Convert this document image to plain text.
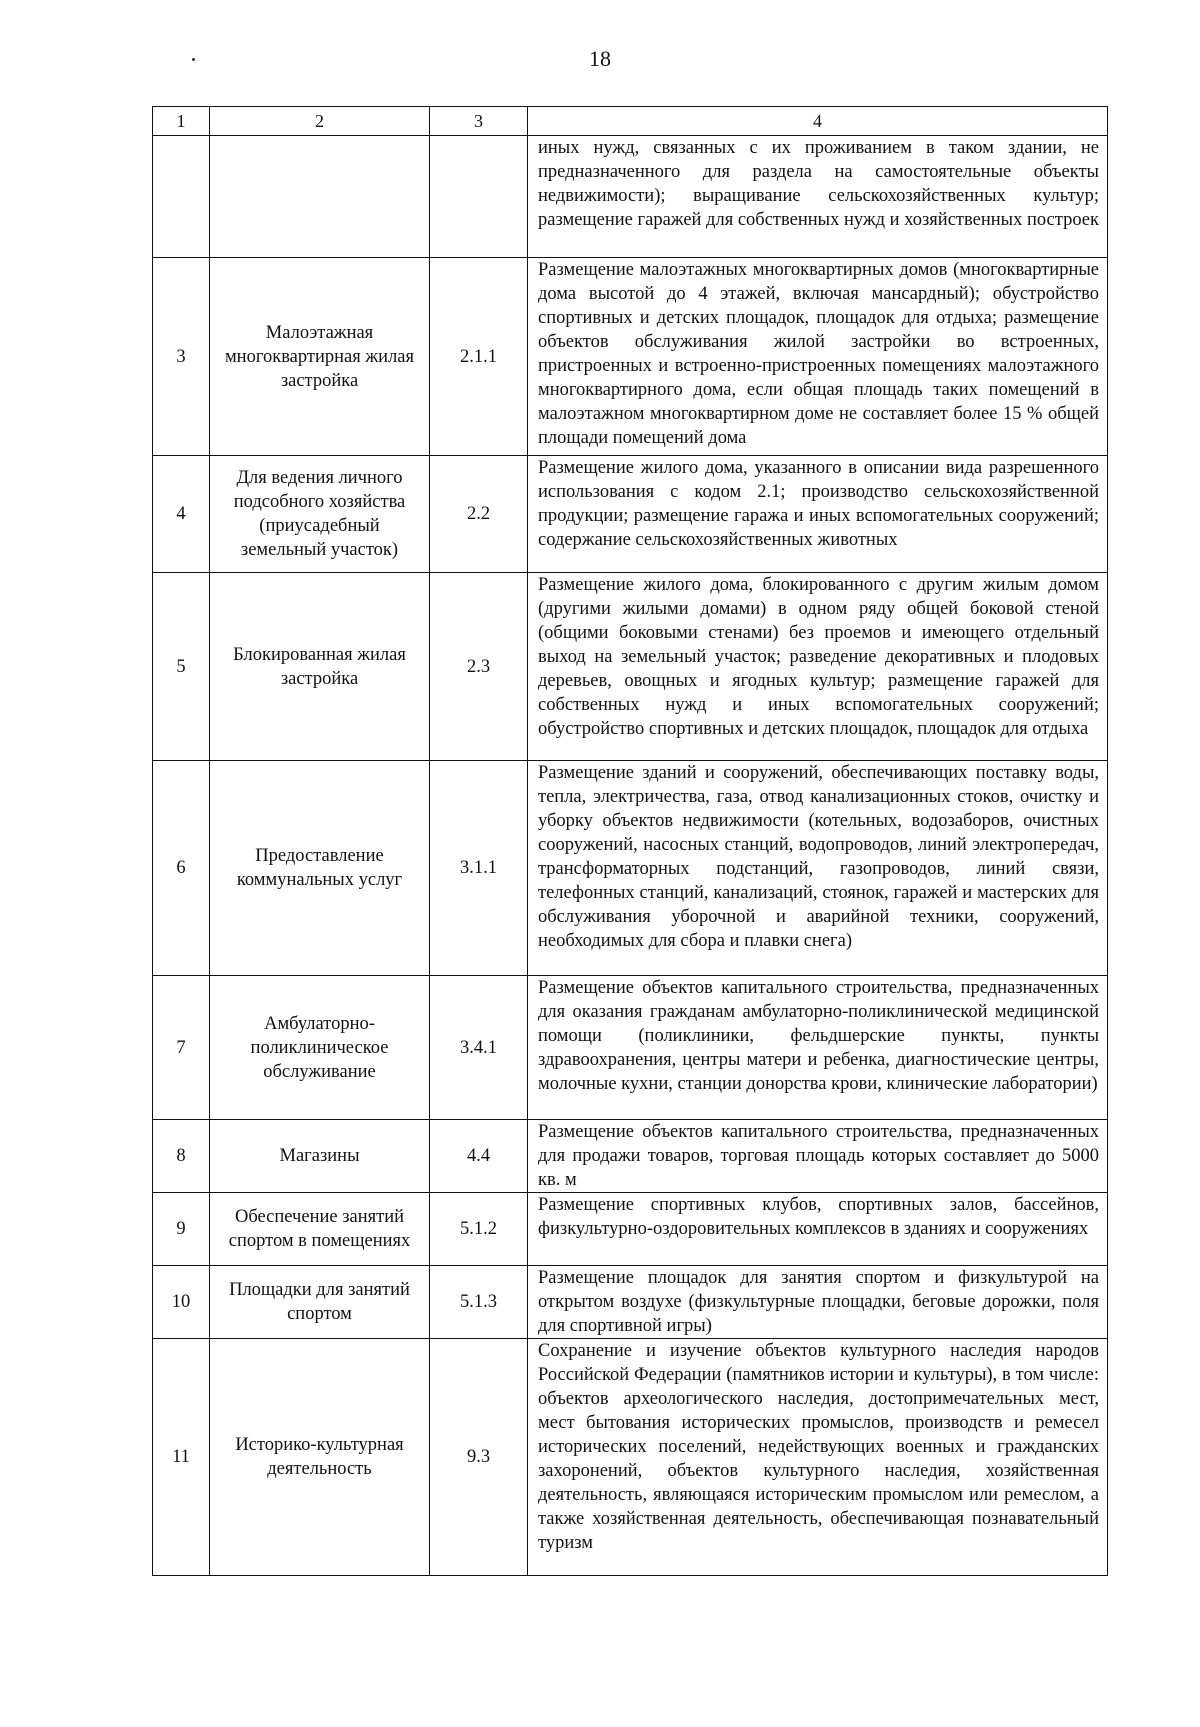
18
1	2	3	4
			иных нужд, связанных с их проживанием в таком здании, не предназначенного для раздела на самостоятельные объекты недвижимости); выращивание сельскохозяйственных культур; размещение гаражей для собственных нужд и хозяйственных построек
3	Малоэтажная многоквартирная жилая застройка	2.1.1	Размещение малоэтажных многоквартирных домов (многоквартирные дома высотой до 4 этажей, включая мансардный); обустройство спортивных и детских площадок, площадок для отдыха; размещение объектов обслуживания жилой застройки во встроенных, пристроенных и встроенно-пристроенных помещениях малоэтажного многоквартирного дома, если общая площадь таких помещений в малоэтажном многоквартирном доме не составляет более 15 % общей площади помещений дома
4	Для ведения личного подсобного хозяйства (приусадебный земельный участок)	2.2	Размещение жилого дома, указанного в описании вида разрешенного использования с кодом 2.1; производство сельскохозяйственной продукции; размещение гаража и иных вспомогательных сооружений; содержание сельскохозяйственных животных
5	Блокированная жилая застройка	2.3	Размещение жилого дома, блокированного с другим жилым домом (другими жилыми домами) в одном ряду общей боковой стеной (общими боковыми стенами) без проемов и имеющего отдельный выход на земельный участок; разведение декоративных и плодовых деревьев, овощных и ягодных культур; размещение гаражей для собственных нужд и иных вспомогательных сооружений; обустройство спортивных и детских площадок, площадок для отдыха
6	Предоставление коммунальных услуг	3.1.1	Размещение зданий и сооружений, обеспечивающих поставку воды, тепла, электричества, газа, отвод канализационных стоков, очистку и уборку объектов недвижимости (котельных, водозаборов, очистных сооружений, насосных станций, водопроводов, линий электропередач, трансформаторных подстанций, газопроводов, линий связи, телефонных станций, канализаций, стоянок, гаражей и мастерских для обслуживания уборочной и аварийной техники, сооружений, необходимых для сбора и плавки снега)
7	Амбулаторно-поликлиническое обслуживание	3.4.1	Размещение объектов капитального строительства, предназначенных для оказания гражданам амбулаторно-поликлинической медицинской помощи (поликлиники, фельдшерские пункты, пункты здравоохранения, центры матери и ребенка, диагностические центры, молочные кухни, станции донорства крови, клинические лаборатории)
8	Магазины	4.4	Размещение объектов капитального строительства, предназначенных для продажи товаров, торговая площадь которых составляет до 5000 кв. м
9	Обеспечение занятий спортом в помещениях	5.1.2	Размещение спортивных клубов, спортивных залов, бассейнов, физкультурно-оздоровительных комплексов в зданиях и сооружениях
10	Площадки для занятий спортом	5.1.3	Размещение площадок для занятия спортом и физкультурой на открытом воздухе (физкультурные площадки, беговые дорожки, поля для спортивной игры)
11	Историко-культурная деятельность	9.3	Сохранение и изучение объектов культурного наследия народов Российской Федерации (памятников истории и культуры), в том числе: объектов археологического наследия, достопримечательных мест, мест бытования исторических промыслов, производств и ремесел исторических поселений, недействующих военных и гражданских захоронений, объектов культурного наследия, хозяйственная деятельность, являющаяся историческим промыслом или ремеслом, а также хозяйственная деятельность, обеспечивающая познавательный туризм
